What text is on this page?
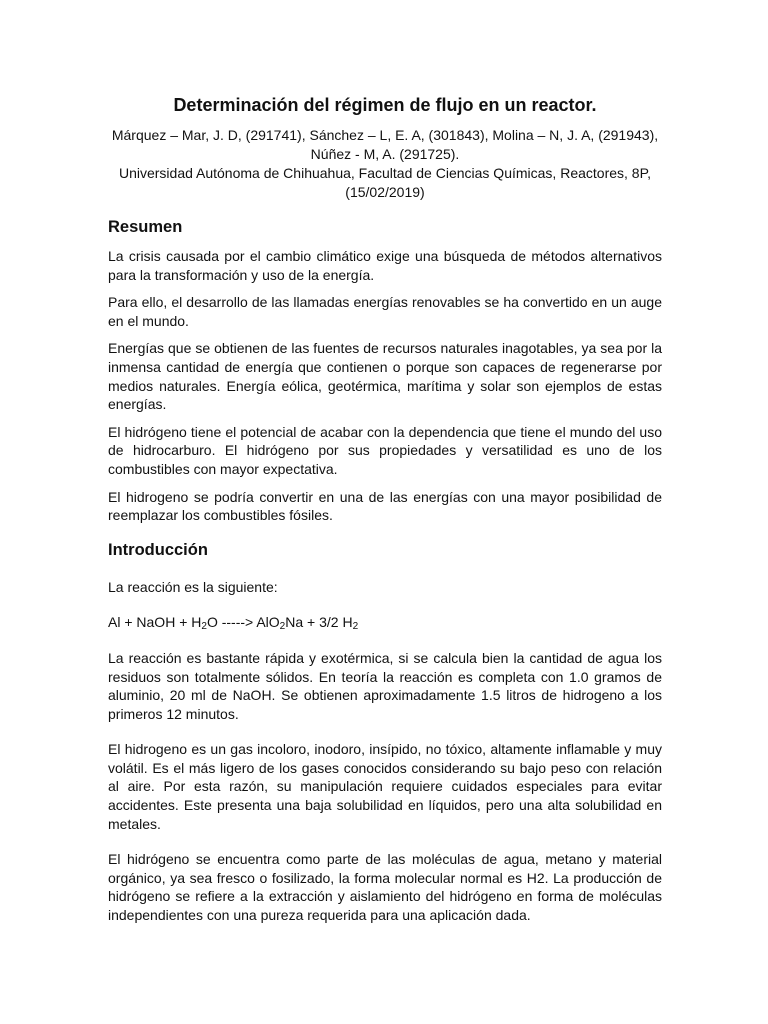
Determinación del régimen de flujo en un reactor.
Márquez – Mar, J. D, (291741), Sánchez – L, E. A, (301843), Molina – N, J. A, (291943), Núñez - M, A. (291725).
Universidad Autónoma de Chihuahua, Facultad de Ciencias Químicas, Reactores, 8P, (15/02/2019)
Resumen

La crisis causada por el cambio climático exige una búsqueda de métodos alternativos para la transformación y uso de la energía.

Para ello, el desarrollo de las llamadas energías renovables se ha convertido en un auge en el mundo.

Energías que se obtienen de las fuentes de recursos naturales inagotables, ya sea por la inmensa cantidad de energía que contienen o porque son capaces de regenerarse por medios naturales. Energía eólica, geotérmica, marítima y solar son ejemplos de estas energías.

El hidrógeno tiene el potencial de acabar con la dependencia que tiene el mundo del uso de hidrocarburo. El hidrógeno por sus propiedades y versatilidad es uno de los combustibles con mayor expectativa.

El hidrogeno se podría convertir en una de las energías con una mayor posibilidad de reemplazar los combustibles fósiles.

Introducción

La reacción es la siguiente:

Al + NaOH + $H_2O$ -----> AlO$_2$Na + 3/2 $H_2$

La reacción es bastante rápida y exotérmica, si se calcula bien la cantidad de agua los residuos son totalmente sólidos. En teoría la reacción es completa con 1.0 gramos de aluminio, 20 ml de NaOH. Se obtienen aproximadamente 1.5 litros de hidrogeno a los primeros 12 minutos.

El hidrogeno es un gas incoloro, inodoro, insípido, no tóxico, altamente inflamable y muy volátil. Es el más ligero de los gases conocidos considerando su bajo peso con relación al aire. Por esta razón, su manipulación requiere cuidados especiales para evitar accidentes. Este presenta una baja solubilidad en líquidos, pero una alta solubilidad en metales.

El hidrógeno se encuentra como parte de las moléculas de agua, metano y material orgánico, ya sea fresco o fosilizado, la forma molecular normal es H2. La producción de hidrógeno se refiere a la extracción y aislamiento del hidrógeno en forma de moléculas independientes con una pureza requerida para una aplicación dada.
